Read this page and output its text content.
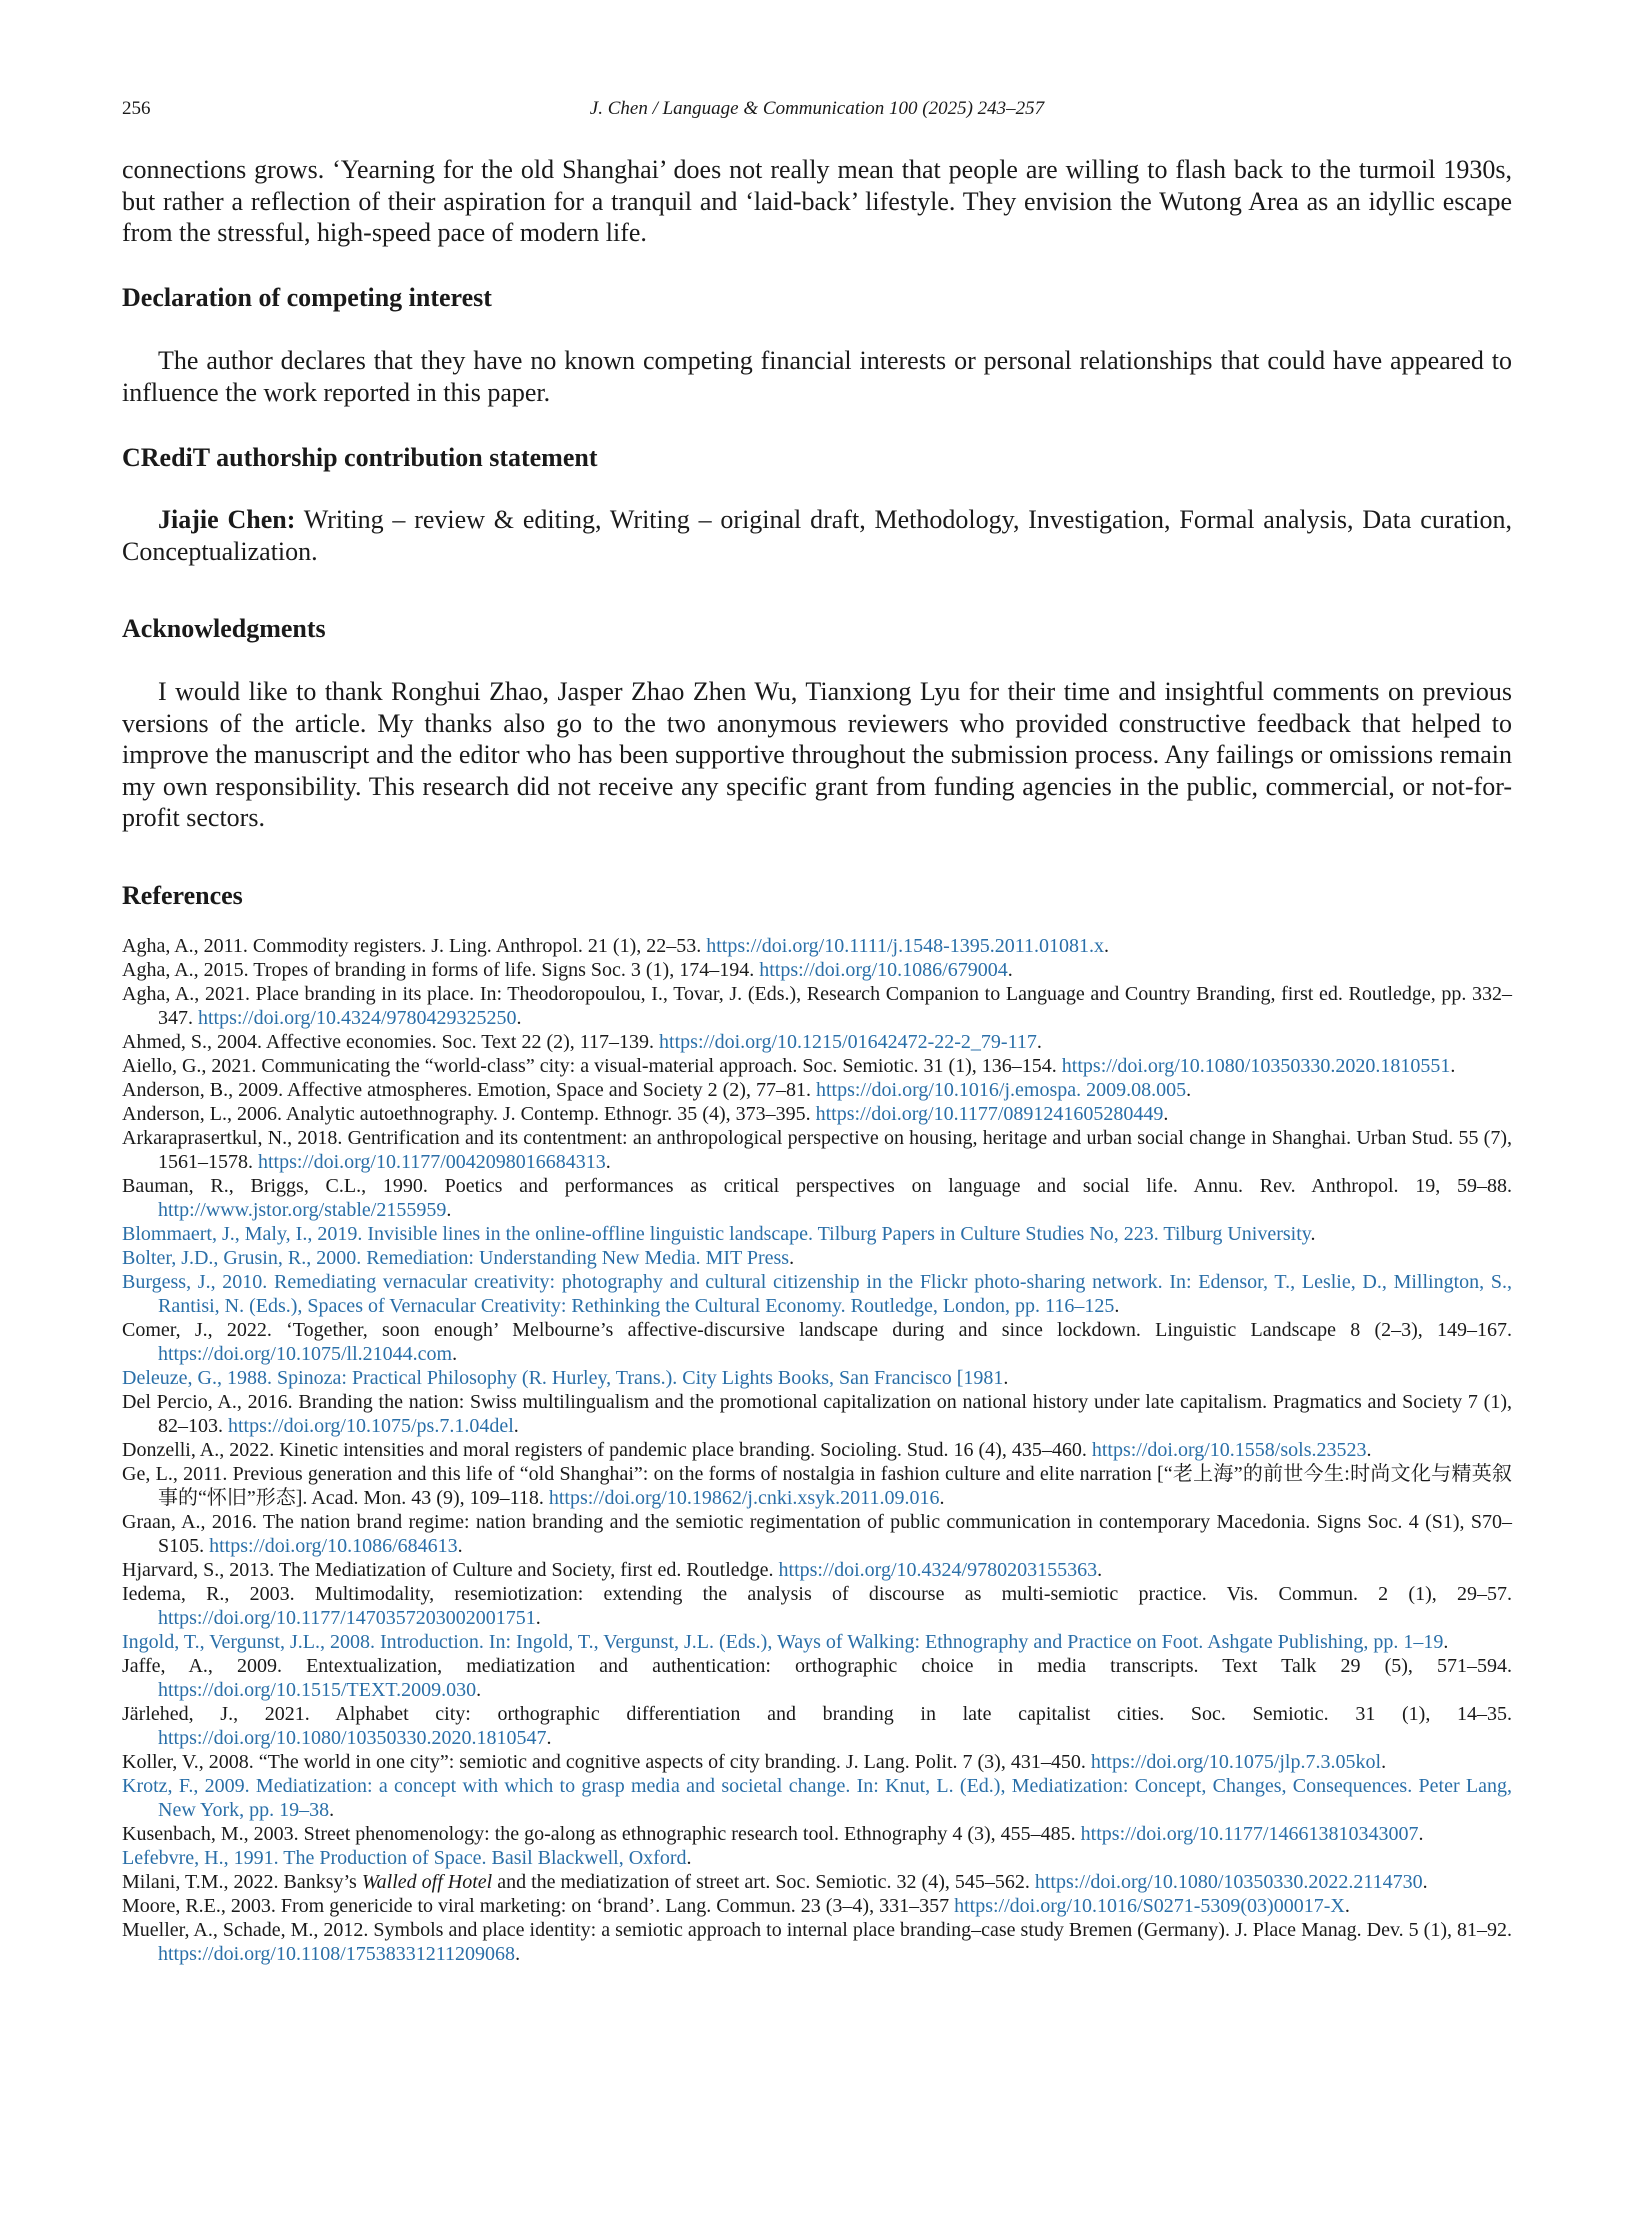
256	J. Chen / Language & Communication 100 (2025) 243–257

connections grows. ‘Yearning for the old Shanghai’ does not really mean that people are willing to flash back to the turmoil 1930s, but rather a reflection of their aspiration for a tranquil and ‘laid-back’ lifestyle. They envision the Wutong Area as an idyllic escape from the stressful, high-speed pace of modern life.

Declaration of competing interest

The author declares that they have no known competing financial interests or personal relationships that could have appeared to influence the work reported in this paper.

CRediT authorship contribution statement

Jiajie Chen: Writing – review & editing, Writing – original draft, Methodology, Investigation, Formal analysis, Data curation, Conceptualization.

Acknowledgments

I would like to thank Ronghui Zhao, Jasper Zhao Zhen Wu, Tianxiong Lyu for their time and insightful comments on previous versions of the article. My thanks also go to the two anonymous reviewers who provided constructive feedback that helped to improve the manuscript and the editor who has been supportive throughout the submission process. Any failings or omissions remain my own responsibility. This research did not receive any specific grant from funding agencies in the public, commercial, or not-for-profit sectors.

References

Agha, A., 2011. Commodity registers. J. Ling. Anthropol. 21 (1), 22–53. https://doi.org/10.1111/j.1548-1395.2011.01081.x.

Agha, A., 2015. Tropes of branding in forms of life. Signs Soc. 3 (1), 174–194. https://doi.org/10.1086/679004.

Agha, A., 2021. Place branding in its place. In: Theodoropoulou, I., Tovar, J. (Eds.), Research Companion to Language and Country Branding, first ed. Routledge, pp. 332–347. https://doi.org/10.4324/9780429325250.

Ahmed, S., 2004. Affective economies. Soc. Text 22 (2), 117–139. https://doi.org/10.1215/01642472-22-2_79-117.

Aiello, G., 2021. Communicating the “world-class” city: a visual-material approach. Soc. Semiotic. 31 (1), 136–154. https://doi.org/10.1080/10350330.2020.1810551.

Anderson, B., 2009. Affective atmospheres. Emotion, Space and Society 2 (2), 77–81. https://doi.org/10.1016/j.emospa. 2009.08.005.

Anderson, L., 2006. Analytic autoethnography. J. Contemp. Ethnogr. 35 (4), 373–395. https://doi.org/10.1177/0891241605280449.

Arkaraprasertkul, N., 2018. Gentrification and its contentment: an anthropological perspective on housing, heritage and urban social change in Shanghai. Urban Stud. 55 (7), 1561–1578. https://doi.org/10.1177/0042098016684313.

Bauman, R., Briggs, C.L., 1990. Poetics and performances as critical perspectives on language and social life. Annu. Rev. Anthropol. 19, 59–88. http://www.jstor.org/stable/2155959.

Blommaert, J., Maly, I., 2019. Invisible lines in the online-offline linguistic landscape. Tilburg Papers in Culture Studies No, 223. Tilburg University.

Bolter, J.D., Grusin, R., 2000. Remediation: Understanding New Media. MIT Press.

Burgess, J., 2010. Remediating vernacular creativity: photography and cultural citizenship in the Flickr photo-sharing network. In: Edensor, T., Leslie, D., Millington, S., Rantisi, N. (Eds.), Spaces of Vernacular Creativity: Rethinking the Cultural Economy. Routledge, London, pp. 116–125.

Comer, J., 2022. ‘Together, soon enough’ Melbourne’s affective-discursive landscape during and since lockdown. Linguistic Landscape 8 (2–3), 149–167. https://doi.org/10.1075/ll.21044.com.

Deleuze, G., 1988. Spinoza: Practical Philosophy (R. Hurley, Trans.). City Lights Books, San Francisco [1981.

Del Percio, A., 2016. Branding the nation: Swiss multilingualism and the promotional capitalization on national history under late capitalism. Pragmatics and Society 7 (1), 82–103. https://doi.org/10.1075/ps.7.1.04del.

Donzelli, A., 2022. Kinetic intensities and moral registers of pandemic place branding. Socioling. Stud. 16 (4), 435–460. https://doi.org/10.1558/sols.23523.

Ge, L., 2011. Previous generation and this life of “old Shanghai”: on the forms of nostalgia in fashion culture and elite narration [“老上海”的前世今生:时尚文化与精英叙事的“怀旧”形态]. Acad. Mon. 43 (9), 109–118. https://doi.org/10.19862/j.cnki.xsyk.2011.09.016.

Graan, A., 2016. The nation brand regime: nation branding and the semiotic regimentation of public communication in contemporary Macedonia. Signs Soc. 4 (S1), S70–S105. https://doi.org/10.1086/684613.

Hjarvard, S., 2013. The Mediatization of Culture and Society, first ed. Routledge. https://doi.org/10.4324/9780203155363.

Iedema, R., 2003. Multimodality, resemiotization: extending the analysis of discourse as multi-semiotic practice. Vis. Commun. 2 (1), 29–57. https://doi.org/10.1177/1470357203002001751.

Ingold, T., Vergunst, J.L., 2008. Introduction. In: Ingold, T., Vergunst, J.L. (Eds.), Ways of Walking: Ethnography and Practice on Foot. Ashgate Publishing, pp. 1–19.

Jaffe, A., 2009. Entextualization, mediatization and authentication: orthographic choice in media transcripts. Text Talk 29 (5), 571–594. https://doi.org/10.1515/TEXT.2009.030.

Järlehed, J., 2021. Alphabet city: orthographic differentiation and branding in late capitalist cities. Soc. Semiotic. 31 (1), 14–35. https://doi.org/10.1080/10350330.2020.1810547.

Koller, V., 2008. “The world in one city”: semiotic and cognitive aspects of city branding. J. Lang. Polit. 7 (3), 431–450. https://doi.org/10.1075/jlp.7.3.05kol.

Krotz, F., 2009. Mediatization: a concept with which to grasp media and societal change. In: Knut, L. (Ed.), Mediatization: Concept, Changes, Consequences. Peter Lang, New York, pp. 19–38.

Kusenbach, M., 2003. Street phenomenology: the go-along as ethnographic research tool. Ethnography 4 (3), 455–485. https://doi.org/10.1177/146613810343007.

Lefebvre, H., 1991. The Production of Space. Basil Blackwell, Oxford.

Milani, T.M., 2022. Banksy’s Walled off Hotel and the mediatization of street art. Soc. Semiotic. 32 (4), 545–562. https://doi.org/10.1080/10350330.2022.2114730.

Moore, R.E., 2003. From genericide to viral marketing: on ‘brand’. Lang. Commun. 23 (3–4), 331–357 https://doi.org/10.1016/S0271-5309(03)00017-X.

Mueller, A., Schade, M., 2012. Symbols and place identity: a semiotic approach to internal place branding–case study Bremen (Germany). J. Place Manag. Dev. 5 (1), 81–92. https://doi.org/10.1108/17538331211209068.
